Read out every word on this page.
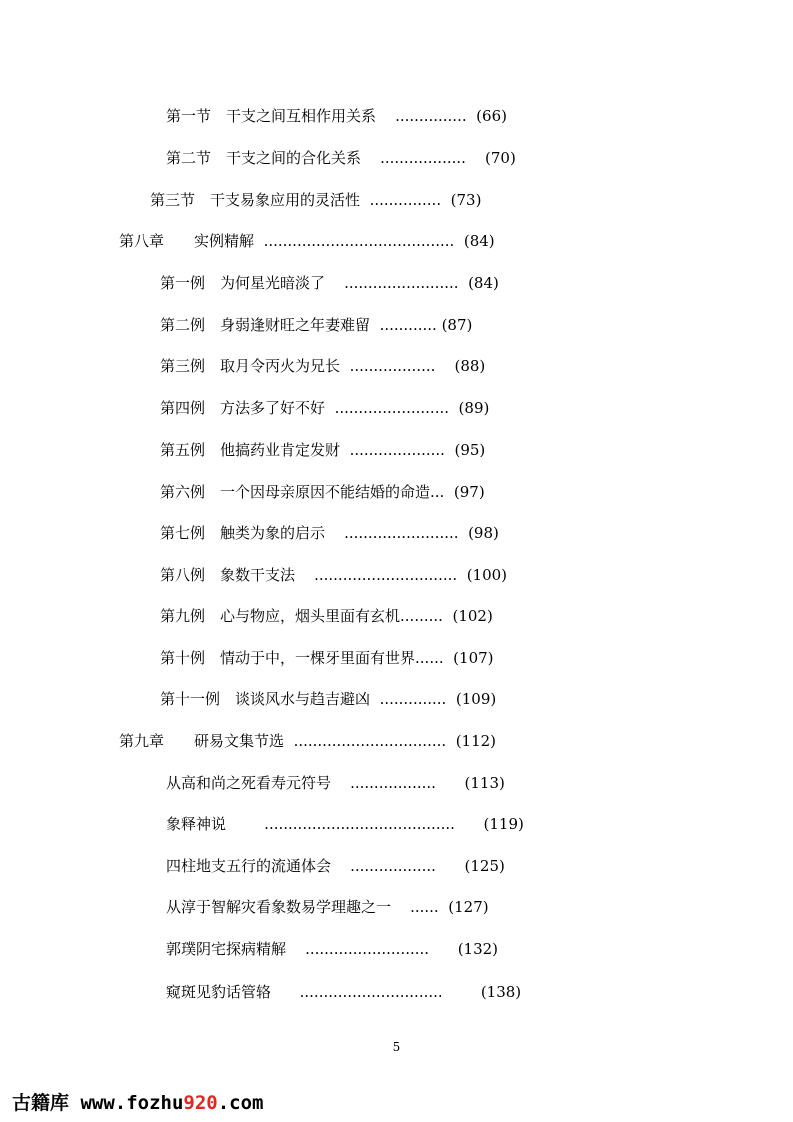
第一节　干支之间互相作用关系 ............... (66)
第二节　干支之间的合化关系 .................. (70)
第三节　干支易象应用的灵活性 ............... (73)
第八章　　实例精解 ........................................ (84)
第一例　为何星光暗淡了 ........................ (84)
第二例　身弱逢财旺之年妻难留 ............ (87)
第三例　取月令丙火为兄长 .................. (88)
第四例　方法多了好不好 ........................ (89)
第五例　他搞药业肯定发财 .................... (95)
第六例　一个因母亲原因不能结婚的命造... (97)
第七例　触类为象的启示 ........................ (98)
第八例　象数干支法 .............................. (100)
第九例　心与物应，烟头里面有玄机......... (102)
第十例　情动于中，一棵牙里面有世界...... (107)
第十一例　谈谈风水与趋吉避凶 .............. (109)
第九章　　研易文集节选 ................................ (112)
从高和尚之死看寿元符号 .................. (113)
象释神说	........................................ (119)
四柱地支五行的流通体会 .................. (125)
从淳于智解灾看象数易学理趣之一 ...... (127)
郭璞阴宅探病精解 .......................... (132)
窥斑见豹话管辂 ..............................	(138)
5
古籍库 www.fozhu920.com
